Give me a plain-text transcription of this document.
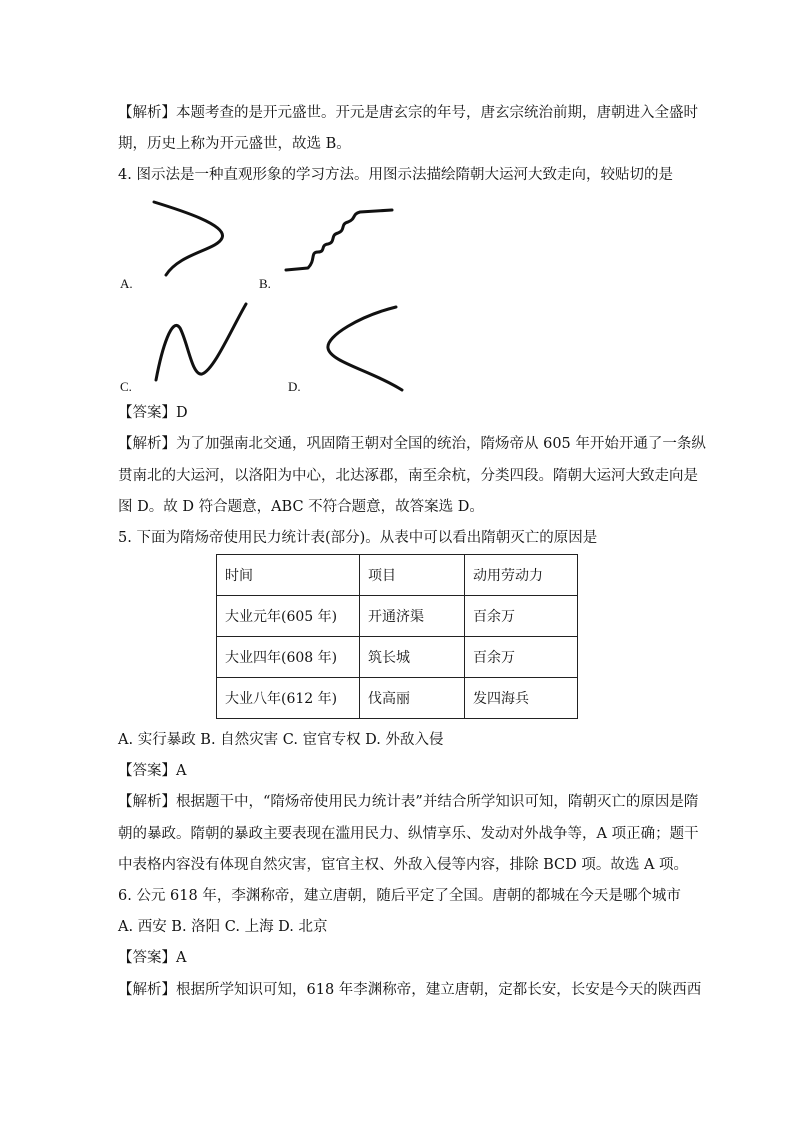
【解析】本题考查的是开元盛世。开元是唐玄宗的年号，唐玄宗统治前期，唐朝进入全盛时
期，历史上称为开元盛世，故选 B。
4. 图示法是一种直观形象的学习方法。用图示法描绘隋朝大运河大致走向，较贴切的是
A.	B.
C.	D.
【答案】D
【解析】为了加强南北交通，巩固隋王朝对全国的统治，隋炀帝从 605 年开始开通了一条纵
贯南北的大运河，以洛阳为中心，北达涿郡，南至余杭，分类四段。隋朝大运河大致走向是
图 D。故 D 符合题意，ABC 不符合题意，故答案选 D。
5. 下面为隋炀帝使用民力统计表(部分)。从表中可以看出隋朝灭亡的原因是
时间	项目	动用劳动力
大业元年(605 年)	开通济渠	百余万
大业四年(608 年)	筑长城	百余万
大业八年(612 年)	伐高丽	发四海兵
A. 实行暴政 B. 自然灾害 C. 宦官专权 D. 外敌入侵
【答案】A
【解析】根据题干中，“隋炀帝使用民力统计表”并结合所学知识可知，隋朝灭亡的原因是隋
朝的暴政。隋朝的暴政主要表现在滥用民力、纵情享乐、发动对外战争等，A 项正确；题干
中表格内容没有体现自然灾害，宦官主权、外敌入侵等内容，排除 BCD 项。故选 A 项。
6. 公元 618 年，李渊称帝，建立唐朝，随后平定了全国。唐朝的都城在今天是哪个城市
A. 西安 B. 洛阳 C. 上海 D. 北京
【答案】A
【解析】根据所学知识可知，618 年李渊称帝，建立唐朝，定都长安，长安是今天的陕西西
